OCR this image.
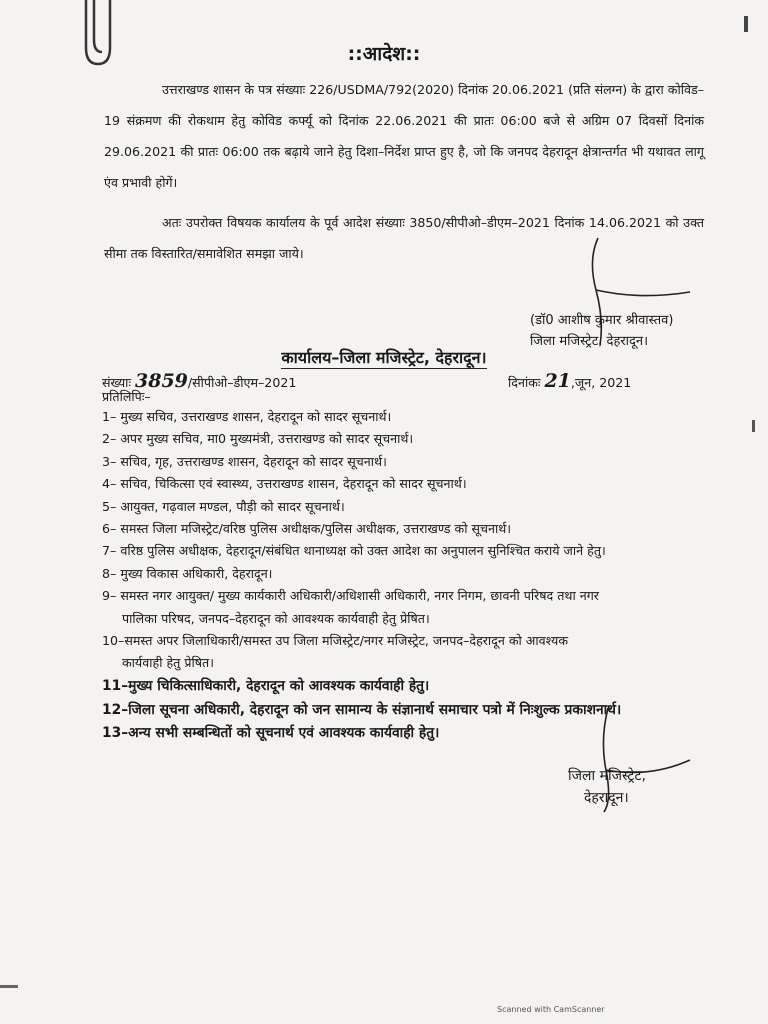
::आदेश::
उत्तराखण्ड शासन के पत्र संख्याः 226/USDMA/792(2020) दिनांक 20.06.2021 (प्रति संलग्न) के द्वारा कोविड–19 संक्रमण की रोकथाम हेतु कोविड कर्फ्यू को दिनांक 22.06.2021 की प्रातः 06:00 बजे से अग्रिम 07 दिवसों दिनांक 29.06.2021 की प्रातः 06:00 तक बढ़ाये जाने हेतु दिशा–निर्देश प्राप्त हुए है, जो कि जनपद देहरादून क्षेत्रान्तर्गत भी यथावत लागू एंव प्रभावी होगें।
अतः उपरोक्त विषयक कार्यालय के पूर्व आदेश संख्याः 3850/सीपीओ–डीएम–2021 दिनांक 14.06.2021 को उक्त सीमा तक विस्तारित/समावेशित समझा जाये।
(डॉ0 आशीष कुमार श्रीवास्तव)
जिला मजिस्ट्रेट, देहरादून।
कार्यालय–जिला मजिस्ट्रेट, देहरादून।
संख्याः 3859/सीपीओ–डीएम–2021	दिनांकः 21,जून, 2021
प्रतिलिपिः–
1– मुख्य सचिव, उत्तराखण्ड शासन, देहरादून को सादर सूचनार्थ।
2– अपर मुख्य सचिव, मा0 मुख्यमंत्री, उत्तराखण्ड को सादर सूचनार्थ।
3– सचिव, गृह, उत्तराखण्ड शासन, देहरादून को सादर सूचनार्थ।
4– सचिव, चिकित्सा एवं स्वास्थ्य, उत्तराखण्ड शासन, देहरादून को सादर सूचनार्थ।
5– आयुक्त, गढ़वाल मण्डल, पौड़ी को सादर सूचनार्थ।
6– समस्त जिला मजिस्ट्रेट/वरिष्ठ पुलिस अधीक्षक/पुलिस अधीक्षक, उत्तराखण्ड को सूचनार्थ।
7– वरिष्ठ पुलिस अधीक्षक, देहरादून/संबंधित थानाध्यक्ष को उक्त आदेश का अनुपालन सुनिश्चित कराये जाने हेतु।
8– मुख्य विकास अधिकारी, देहरादून।
9– समस्त नगर आयुक्त/ मुख्य कार्यकारी अधिकारी/अधिशासी अधिकारी, नगर निगम, छावनी परिषद तथा नगर
पालिका परिषद, जनपद–देहरादून को आवश्यक कार्यवाही हेतु प्रेषित।
10–समस्त अपर जिलाधिकारी/समस्त उप जिला मजिस्ट्रेट/नगर मजिस्ट्रेट, जनपद–देहरादून को आवश्यक
कार्यवाही हेतु प्रेषित।
11–मुख्य चिकित्साधिकारी, देहरादून को आवश्यक कार्यवाही हेतु।
12–जिला सूचना अधिकारी, देहरादून को जन सामान्य के संज्ञानार्थ समाचार पत्रो में निःशुल्क प्रकाशनार्थ।
13–अन्य सभी सम्बन्धितों को सूचनार्थ एवं आवश्यक कार्यवाही हेतु।
जिला मजिस्ट्रेट,
देहरादून।
Scanned with CamScanner
